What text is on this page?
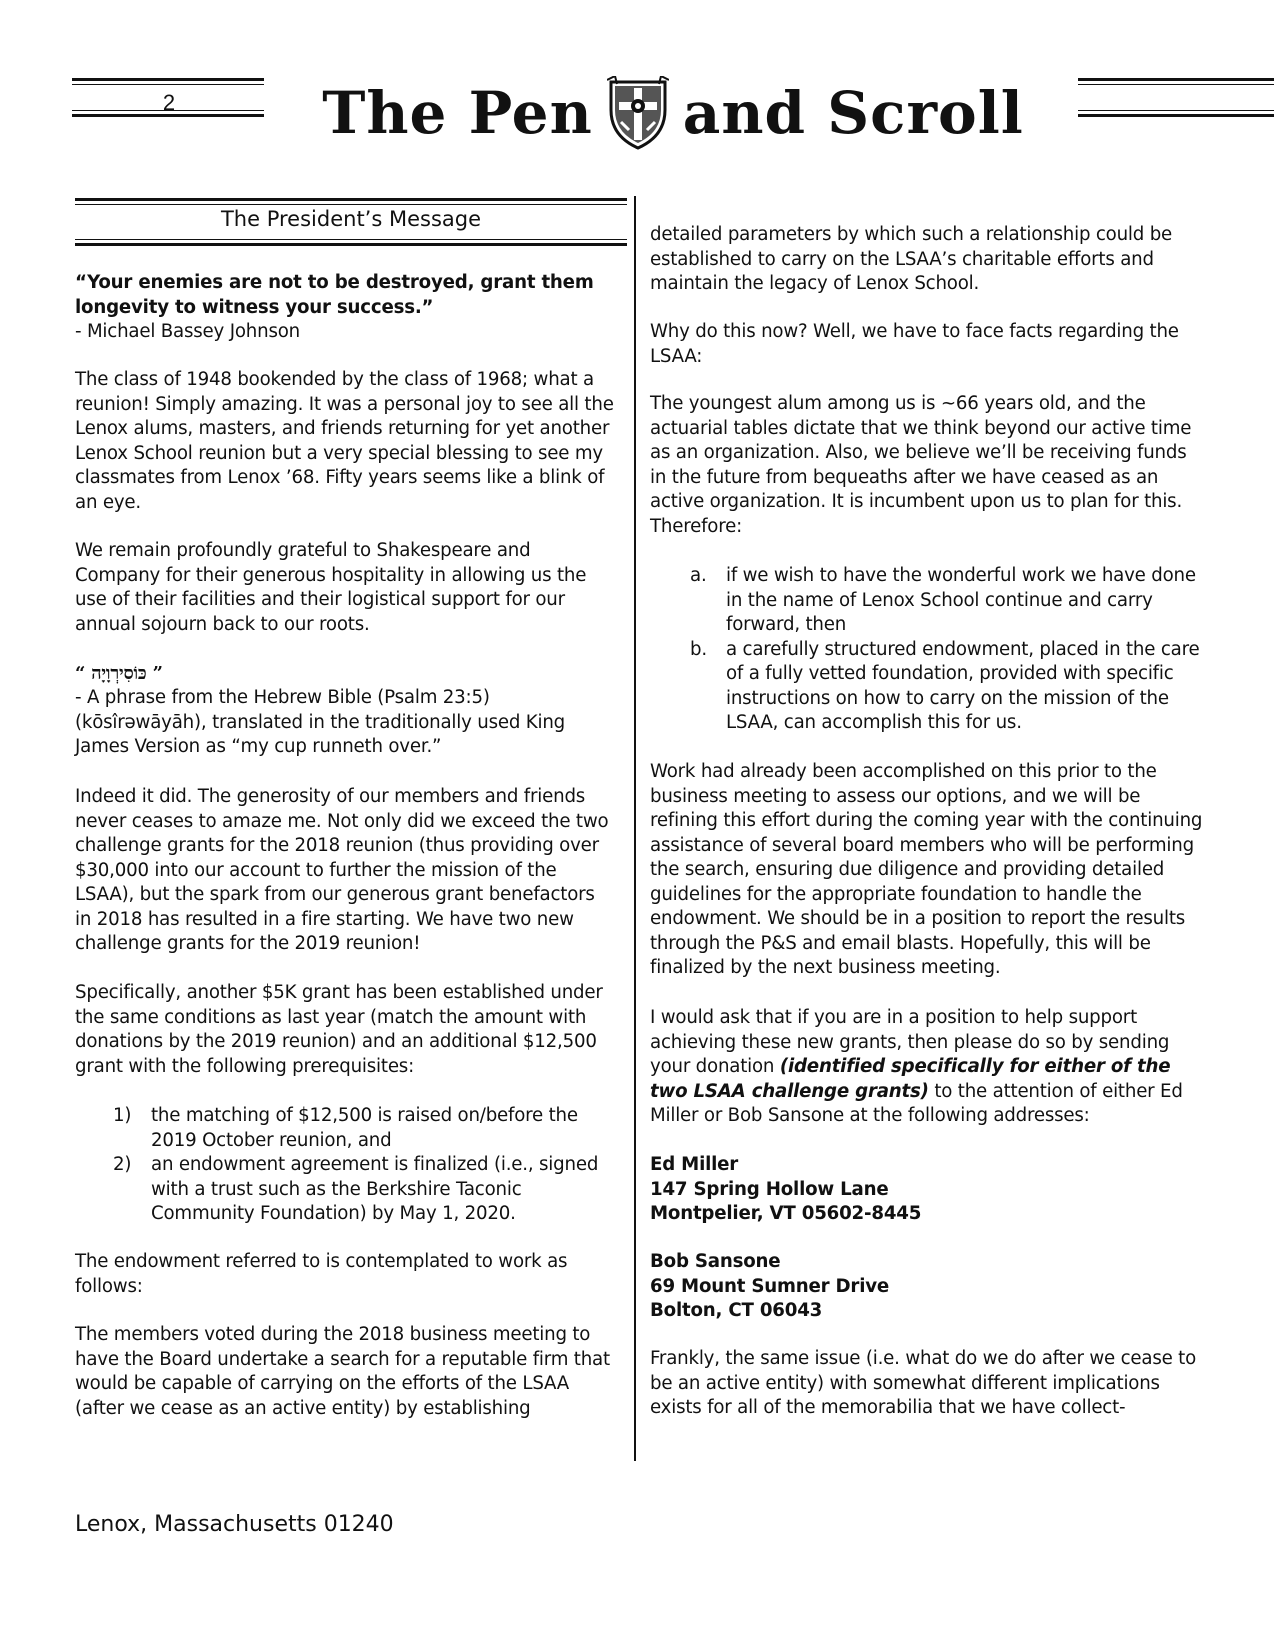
2	The Pen and Scroll
The President’s Message

“Your enemies are not to be destroyed, grant them longevity to witness your success.”

- Michael Bassey Johnson

The class of 1948 bookended by the class of 1968; what a reunion! Simply amazing. It was a personal joy to see all the Lenox alums, masters, and friends returning for yet another Lenox School reunion but a very special blessing to see my classmates from Lenox ’68. Fifty years seems like a blink of an eye.

We remain profoundly grateful to Shakespeare and Company for their generous hospitality in allowing us the use of their facilities and their logistical support for our annual sojourn back to our roots.

“ כּוֹסִירְוָיָה ”

- A phrase from the Hebrew Bible (Psalm 23:5) (kōsîrəwāyāh), translated in the traditionally used King James Version as “my cup runneth over.”

Indeed it did. The generosity of our members and friends never ceases to amaze me. Not only did we exceed the two challenge grants for the 2018 reunion (thus providing over $30,000 into our account to further the mission of the LSAA), but the spark from our generous grant benefactors in 2018 has resulted in a fire starting. We have two new challenge grants for the 2019 reunion!

Specifically, another $5K grant has been established under the same conditions as last year (match the amount with donations by the 2019 reunion) and an additional $12,500 grant with the following prerequisites:

1) the matching of $12,500 is raised on/before the 2019 October reunion, and
2) an endowment agreement is finalized (i.e., signed with a trust such as the Berkshire Taconic Community Foundation) by May 1, 2020.

The endowment referred to is contemplated to work as follows:

The members voted during the 2018 business meeting to have the Board undertake a search for a reputable firm that would be capable of carrying on the efforts of the LSAA (after we cease as an active entity) by establishing

detailed parameters by which such a relationship could be established to carry on the LSAA’s charitable efforts and maintain the legacy of Lenox School.

Why do this now? Well, we have to face facts regarding the LSAA:

The youngest alum among us is ~66 years old, and the actuarial tables dictate that we think beyond our active time as an organization. Also, we believe we’ll be receiving funds in the future from bequeaths after we have ceased as an active organization. It is incumbent upon us to plan for this. Therefore:

a. if we wish to have the wonderful work we have done in the name of Lenox School continue and carry forward, then
b. a carefully structured endowment, placed in the care of a fully vetted foundation, provided with specific instructions on how to carry on the mission of the LSAA, can accomplish this for us.

Work had already been accomplished on this prior to the business meeting to assess our options, and we will be refining this effort during the coming year with the continuing assistance of several board members who will be performing the search, ensuring due diligence and providing detailed guidelines for the appropriate foundation to handle the endowment. We should be in a position to report the results through the P&S and email blasts. Hopefully, this will be finalized by the next business meeting.

I would ask that if you are in a position to help support achieving these new grants, then please do so by sending your donation (identified specifically for either of the two LSAA challenge grants) to the attention of either Ed Miller or Bob Sansone at the following addresses:

Ed Miller
147 Spring Hollow Lane
Montpelier, VT 05602-8445
Bob Sansone
69 Mount Sumner Drive
Bolton, CT 06043

Frankly, the same issue (i.e. what do we do after we cease to be an active entity) with somewhat different implications exists for all of the memorabilia that we have collect-

Lenox, Massachusetts 01240
